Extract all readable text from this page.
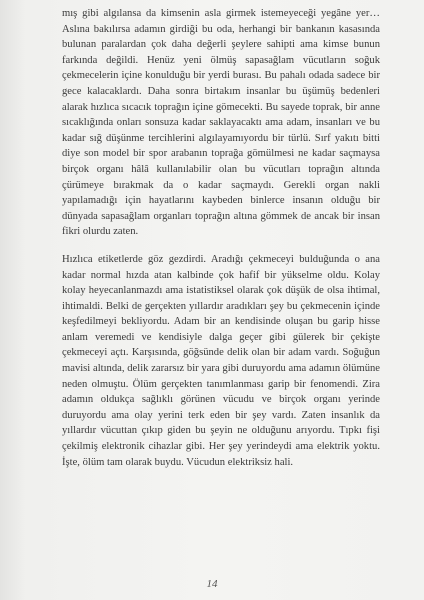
mış gibi algılansa da kimsenin asla girmek istemeyeceği yegâne yer… Aslına bakılırsa adamın girdiği bu oda, herhangi bir bankanın kasasında bulunan paralardan çok daha değerli şeylere sahipti ama kimse bunun farkında değildi. Henüz yeni ölmüş sapasağlam vücutların soğuk çekmecelerin içine konulduğu bir yerdi burası. Bu pahalı odada sadece bir gece kalacaklardı. Daha sonra birtakım insanlar bu üşümüş bedenleri alarak hızlıca sıcacık toprağın içine gömecekti. Bu sayede toprak, bir anne sıcaklığında onları sonsuza kadar saklayacaktı ama adam, insanları ve bu kadar sığ düşünme tercihlerini algılayamıyordu bir türlü. Sırf yakıtı bitti diye son model bir spor arabanın toprağa gömülmesi ne kadar saçmaysa birçok organı hâlâ kullanılabilir olan bu vücutları toprağın altında çürümeye bırakmak da o kadar saçmaydı. Gerekli organ nakli yapılamadığı için hayatlarını kaybeden binlerce insanın olduğu bir dünyada sapasağlam organları toprağın altına gömmek de ancak bir insan fikri olurdu zaten.

Hızlıca etiketlerde göz gezdirdi. Aradığı çekmeceyi bulduğunda o ana kadar normal hızda atan kalbinde çok hafif bir yükselme oldu. Kolay kolay heyecanlanmazdı ama istatistiksel olarak çok düşük de olsa ihtimal, ihtimaldi. Belki de gerçekten yıllardır aradıkları şey bu çekmecenin içinde keşfedilmeyi bekliyordu. Adam bir an kendisinde oluşan bu garip hisse anlam veremedi ve kendisiyle dalga geçer gibi gülerek bir çekişte çekmeceyi açtı. Karşısında, göğsünde delik olan bir adam vardı. Soğuğun mavisi altında, delik zararsız bir yara gibi duruyordu ama adamın ölümüne neden olmuştu. Ölüm gerçekten tanımlanması garip bir fenomendi. Zira adamın oldukça sağlıklı görünen vücudu ve birçok organı yerinde duruyordu ama olay yerini terk eden bir şey vardı. Zaten insanlık da yıllardır vücuttan çıkıp giden bu şeyin ne olduğunu arıyordu. Tıpkı fişi çekilmiş elektronik cihazlar gibi. Her şey yerindeydi ama elektrik yoktu. İşte, ölüm tam olarak buydu. Vücudun elektriksiz hali.

14
